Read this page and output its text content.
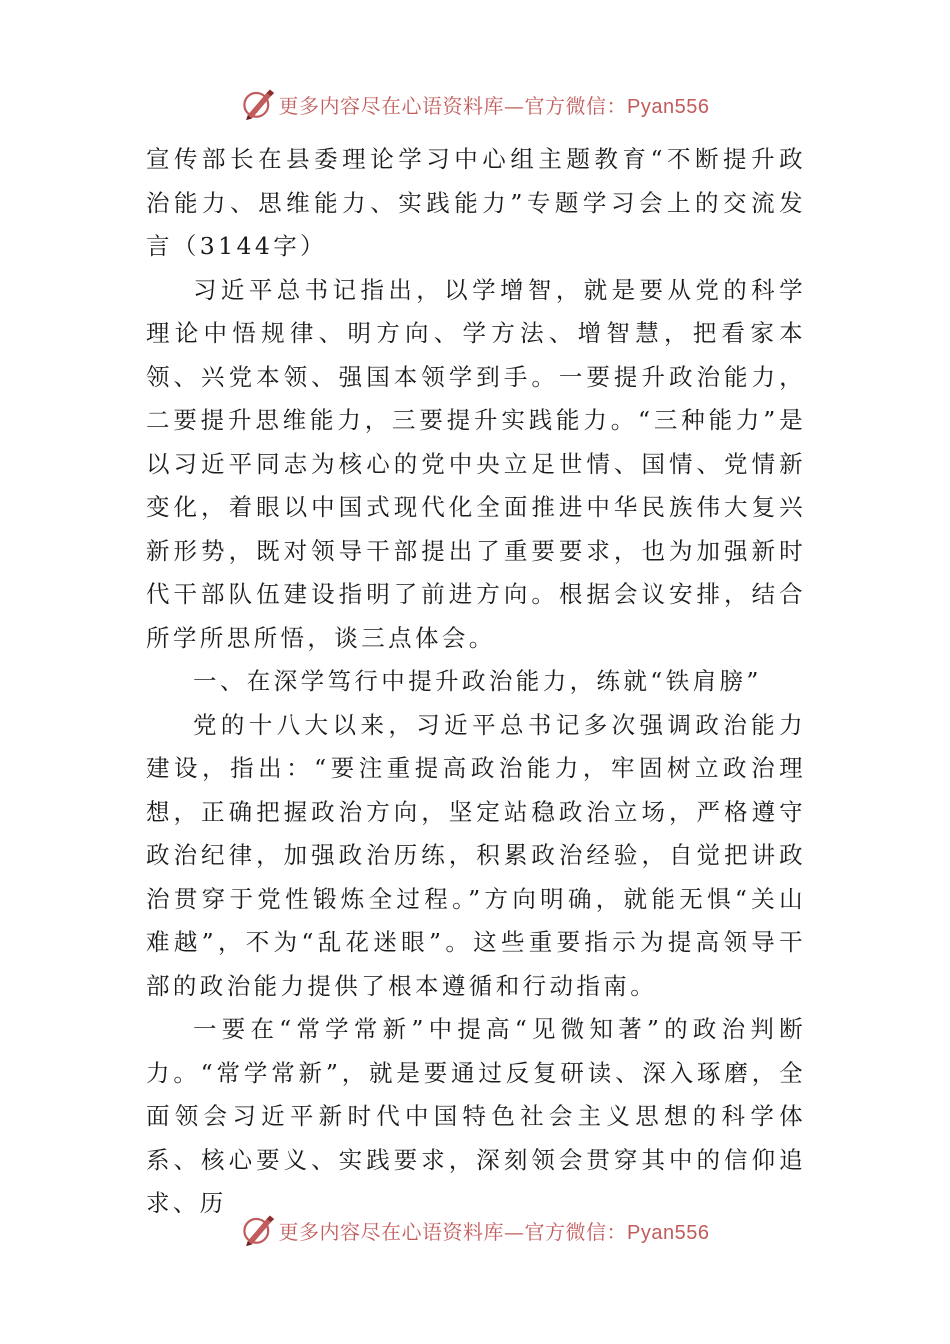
更多内容尽在心语资料库—官方微信：Pyan556

宣传部长在县委理论学习中心组主题教育“不断提升政治能力、思维能力、实践能力”专题学习会上的交流发言（3144字）

习近平总书记指出，以学增智，就是要从党的科学理论中悟规律、明方向、学方法、增智慧，把看家本领、兴党本领、强国本领学到手。一要提升政治能力，二要提升思维能力，三要提升实践能力。“三种能力”是以习近平同志为核心的党中央立足世情、国情、党情新变化，着眼以中国式现代化全面推进中华民族伟大复兴新形势，既对领导干部提出了重要要求，也为加强新时代干部队伍建设指明了前进方向。根据会议安排，结合所学所思所悟，谈三点体会。

一、在深学笃行中提升政治能力，练就“铁肩膀”

党的十八大以来，习近平总书记多次强调政治能力建设，指出：“要注重提高政治能力，牢固树立政治理想，正确把握政治方向，坚定站稳政治立场，严格遵守政治纪律，加强政治历练，积累政治经验，自觉把讲政治贯穿于党性锻炼全过程。”方向明确，就能无惧“关山难越”，不为“乱花迷眼”。这些重要指示为提高领导干部的政治能力提供了根本遵循和行动指南。

一要在“常学常新”中提高“见微知著”的政治判断力。“常学常新”，就是要通过反复研读、深入琢磨，全面领会习近平新时代中国特色社会主义思想的科学体系、核心要义、实践要求，深刻领会贯穿其中的信仰追求、历

更多内容尽在心语资料库—官方微信：Pyan556
